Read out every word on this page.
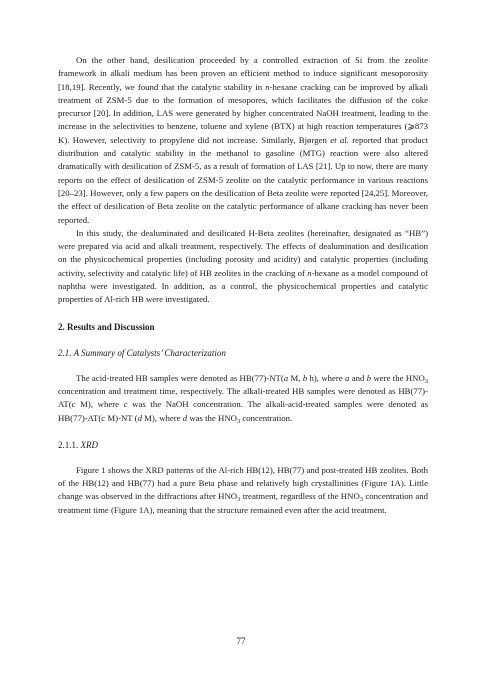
On the other hand, desilication proceeded by a controlled extraction of Si from the zeolite framework in alkali medium has been proven an efficient method to induce significant mesoporosity [18,19]. Recently, we found that the catalytic stability in n-hexane cracking can be improved by alkali treatment of ZSM-5 due to the formation of mesopores, which facilitates the diffusion of the coke precursor [20]. In addition, LAS were generated by higher concentrated NaOH treatment, leading to the increase in the selectivities to benzene, toluene and xylene (BTX) at high reaction temperatures (⩾873 K). However, selectivity to propylene did not increase. Similarly, Bjørgen et al. reported that product distribution and catalytic stability in the methanol to gasoline (MTG) reaction were also altered dramatically with desilication of ZSM-5, as a result of formation of LAS [21]. Up to now, there are many reports on the effect of desilication of ZSM-5 zeolite on the catalytic performance in various reactions [20–23]. However, only a few papers on the desilication of Beta zeolite were reported [24,25]. Moreover, the effect of desilication of Beta zeolite on the catalytic performance of alkane cracking has never been reported.

In this study, the dealuminated and desilicated H-Beta zeolites (hereinafter, designated as “HB”) were prepared via acid and alkali treatment, respectively. The effects of dealumination and desilication on the physicochemical properties (including porosity and acidity) and catalytic properties (including activity, selectivity and catalytic life) of HB zeolites in the cracking of n-hexane as a model compound of naphtha were investigated. In addition, as a control, the physicochemical properties and catalytic properties of Al-rich HB were investigated.

2. Results and Discussion
2.1. A Summary of Catalysts’ Characterization

The acid-treated HB samples were denoted as HB(77)-NT(a M, b h), where a and b were the $HNO_3$ concentration and treatment time, respectively. The alkali-treated HB samples were denoted as HB(77)-AT(c M), where c was the NaOH concentration. The alkali-acid-treated samples were denoted as HB(77)-AT(c M)-NT (d M), where d was the $HNO_3$ concentration.

2.1.1. XRD

Figure 1 shows the XRD patterns of the Al-rich HB(12), HB(77) and post-treated HB zeolites. Both of the HB(12) and HB(77) had a pure Beta phase and relatively high crystallinities (Figure 1A). Little change was observed in the diffractions after $HNO_3$ treatment, regardless of the $HNO_3$ concentration and treatment time (Figure 1A), meaning that the structure remained even after the acid treatment.

77
